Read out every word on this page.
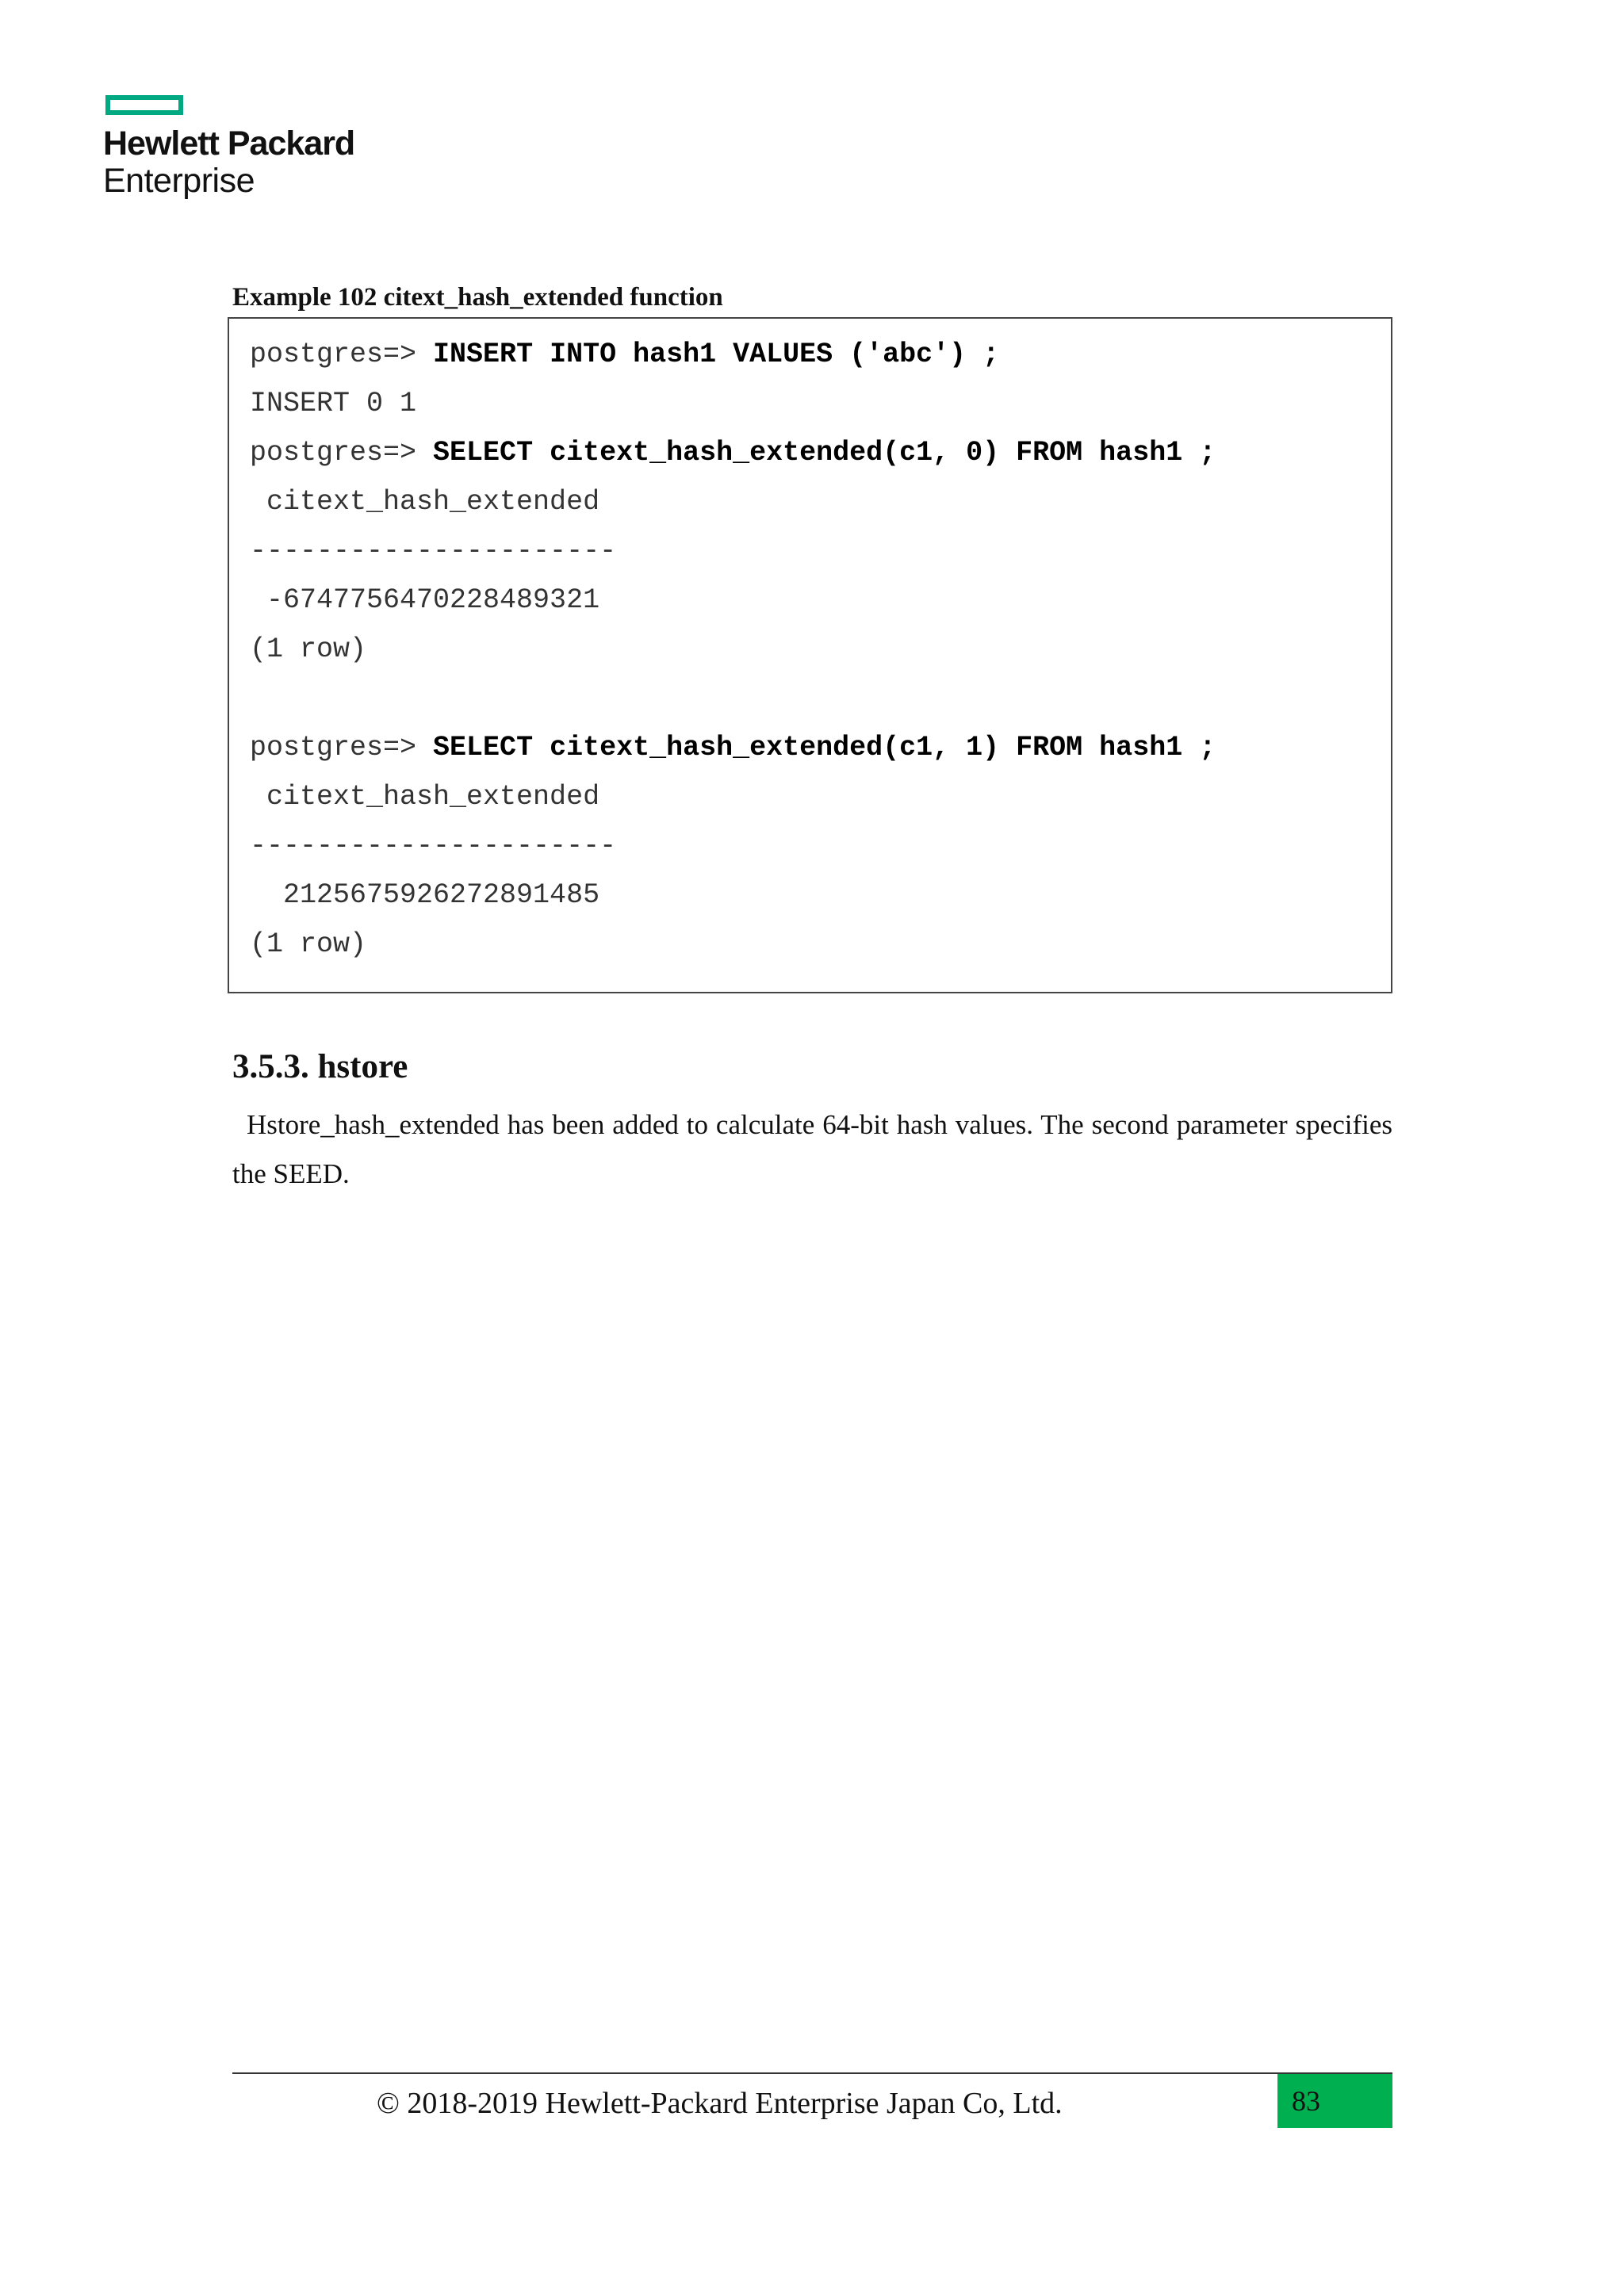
Hewlett Packard
Enterprise
Example 102 citext_hash_extended function
postgres=> INSERT INTO hash1 VALUES ('abc') ;
INSERT 0 1
postgres=> SELECT citext_hash_extended(c1, 0) FROM hash1 ;
citext_hash_extended
----------------------
-6747756470228489321
(1 row)
postgres=> SELECT citext_hash_extended(c1, 1) FROM hash1 ;
citext_hash_extended
----------------------
2125675926272891485
(1 row)
3.5.3. hstore
Hstore_hash_extended has been added to calculate 64-bit hash values. The second parameter specifies the SEED.
© 2018-2019 Hewlett-Packard Enterprise Japan Co, Ltd.	83
